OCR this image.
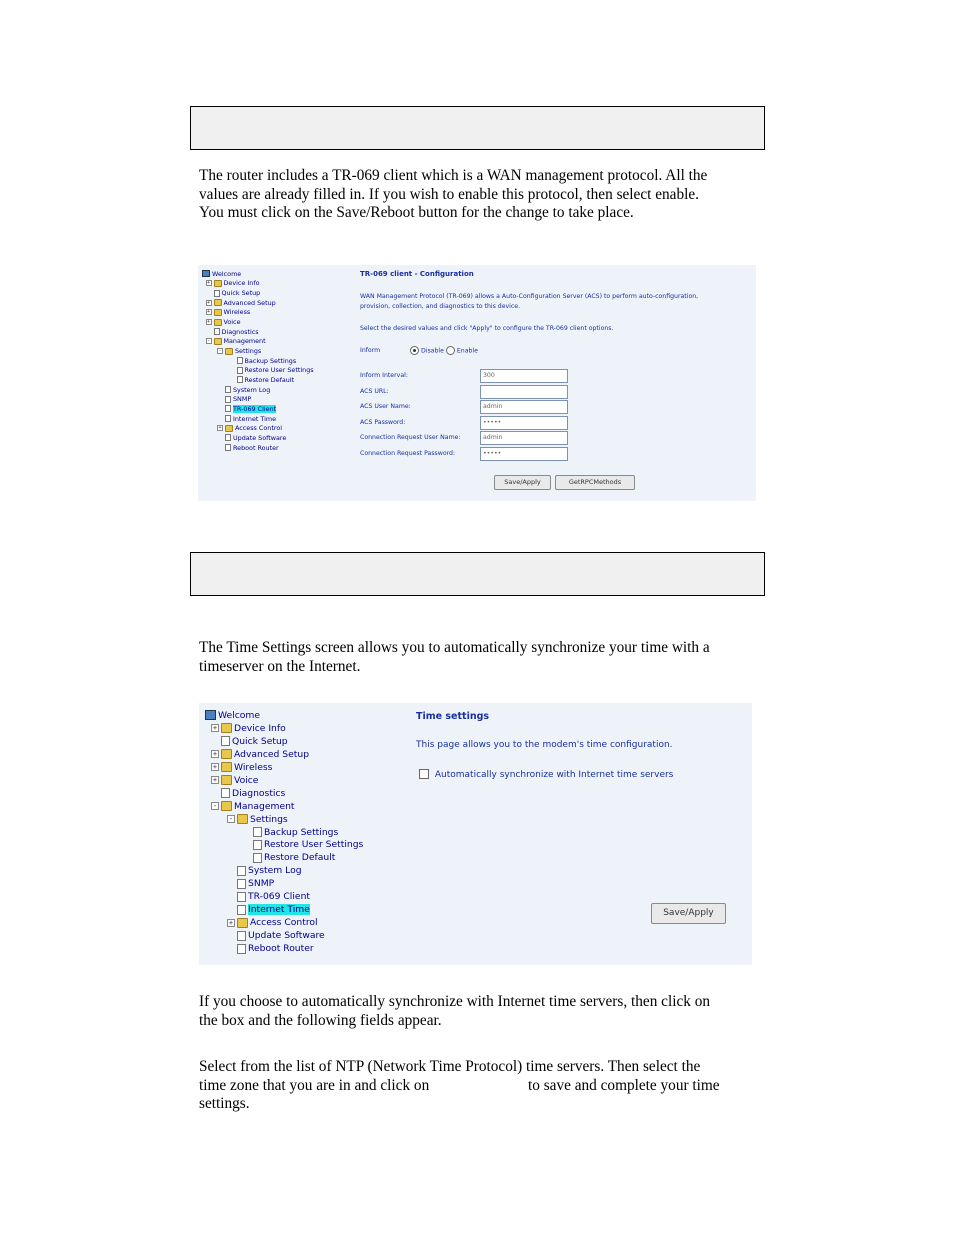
The router includes a TR-069 client which is a WAN management protocol. All the
values are already filled in. If you wish to enable this protocol, then select enable.
You must click on the Save/Reboot button for the change to take place.
Welcome
+ Device Info
Quick Setup
+ Advanced Setup
+ Wireless
+ Voice
Diagnostics
- Management
- Settings
Backup Settings
Restore User Settings
Restore Default
System Log
SNMP
TR-069 Client
Internet Time
+ Access Control
Update Software
Reboot Router
TR-069 client - Configuration
WAN Management Protocol (TR-069) allows a Auto-Configuration Server (ACS) to perform auto-configuration,
provision, collection, and diagnostics to this device.
Select the desired values and click "Apply" to configure the TR-069 client options.
Inform	Disable Enable
Inform Interval:	300
ACS URL:
ACS User Name:	admin
ACS Password:	•••••
Connection Request User Name:	admin
Connection Request Password:	•••••
Save/Apply	GetRPCMethods
The Time Settings screen allows you to automatically synchronize your time with a
timeserver on the Internet.
Welcome
+ Device Info
Quick Setup
+ Advanced Setup
+ Wireless
+ Voice
Diagnostics
- Management
- Settings
Backup Settings
Restore User Settings
Restore Default
System Log
SNMP
TR-069 Client
Internet Time
+ Access Control
Update Software
Reboot Router
Time settings
This page allows you to the modem's time configuration.
Automatically synchronize with Internet time servers
Save/Apply
If you choose to automatically synchronize with Internet time servers, then click on
the box and the following fields appear.
Select from the list of NTP (Network Time Protocol) time servers. Then select the
time zone that you are in and click on	to save and complete your time
settings.
